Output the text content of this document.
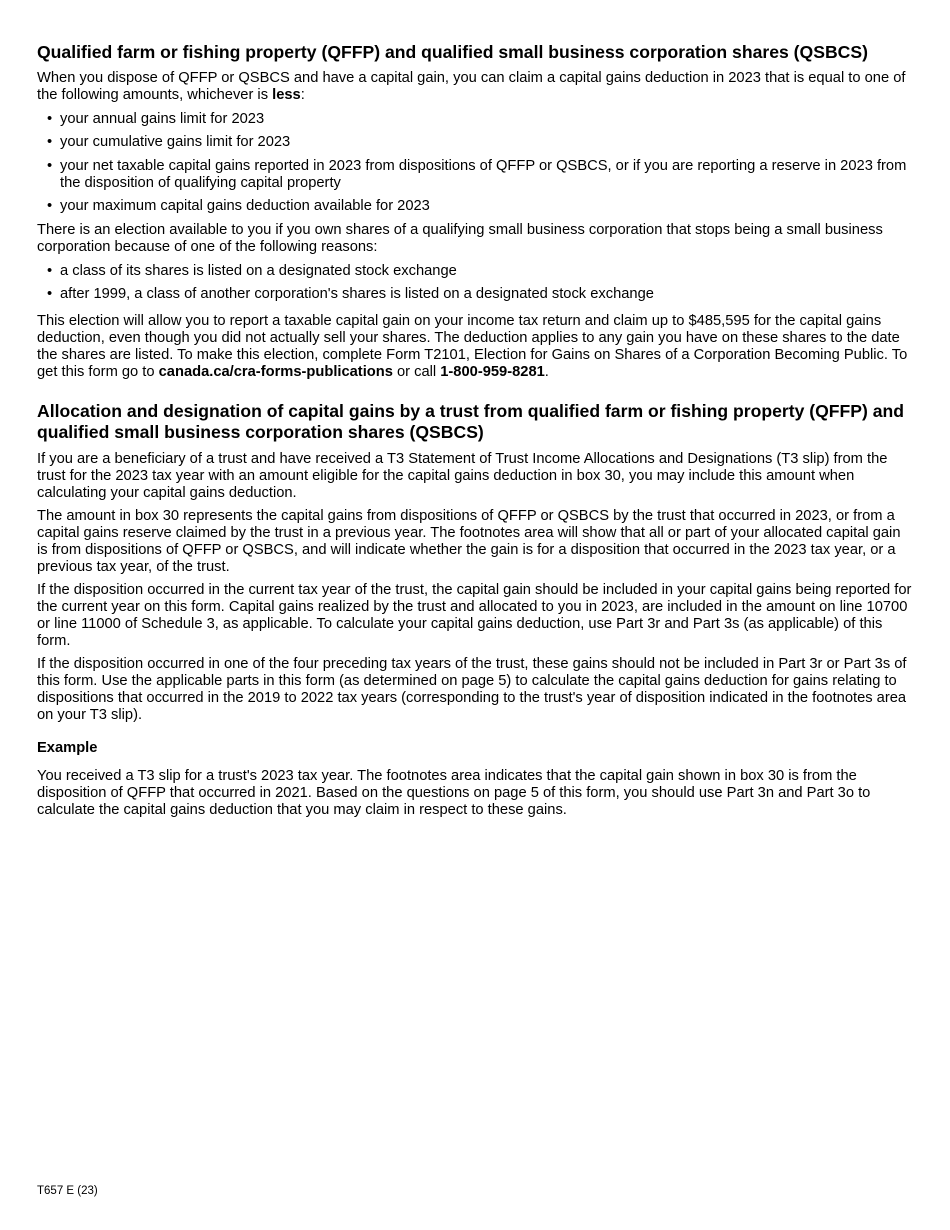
Qualified farm or fishing property (QFFP) and qualified small business corporation shares (QSBCS)

When you dispose of QFFP or QSBCS and have a capital gain, you can claim a capital gains deduction in 2023 that is equal to one of the following amounts, whichever is less:

• your annual gains limit for 2023
• your cumulative gains limit for 2023
• your net taxable capital gains reported in 2023 from dispositions of QFFP or QSBCS, or if you are reporting a reserve in 2023 from the disposition of qualifying capital property
• your maximum capital gains deduction available for 2023

There is an election available to you if you own shares of a qualifying small business corporation that stops being a small business corporation because of one of the following reasons:

• a class of its shares is listed on a designated stock exchange
• after 1999, a class of another corporation's shares is listed on a designated stock exchange

This election will allow you to report a taxable capital gain on your income tax return and claim up to $485,595 for the capital gains deduction, even though you did not actually sell your shares. The deduction applies to any gain you have on these shares to the date the shares are listed. To make this election, complete Form T2101, Election for Gains on Shares of a Corporation Becoming Public. To get this form go to canada.ca/cra-forms-publications or call 1-800-959-8281.

Allocation and designation of capital gains by a trust from qualified farm or fishing property (QFFP) and qualified small business corporation shares (QSBCS)

If you are a beneficiary of a trust and have received a T3 Statement of Trust Income Allocations and Designations (T3 slip) from the trust for the 2023 tax year with an amount eligible for the capital gains deduction in box 30, you may include this amount when calculating your capital gains deduction.

The amount in box 30 represents the capital gains from dispositions of QFFP or QSBCS by the trust that occurred in 2023, or from a capital gains reserve claimed by the trust in a previous year. The footnotes area will show that all or part of your allocated capital gain is from dispositions of QFFP or QSBCS, and will indicate whether the gain is for a disposition that occurred in the 2023 tax year, or a previous tax year, of the trust.

If the disposition occurred in the current tax year of the trust, the capital gain should be included in your capital gains being reported for the current year on this form. Capital gains realized by the trust and allocated to you in 2023, are included in the amount on line 10700 or line 11000 of Schedule 3, as applicable. To calculate your capital gains deduction, use Part 3r and Part 3s (as applicable) of this form.

If the disposition occurred in one of the four preceding tax years of the trust, these gains should not be included in Part 3r or Part 3s of this form. Use the applicable parts in this form (as determined on page 5) to calculate the capital gains deduction for gains relating to dispositions that occurred in the 2019 to 2022 tax years (corresponding to the trust's year of disposition indicated in the footnotes area on your T3 slip).

Example

You received a T3 slip for a trust's 2023 tax year. The footnotes area indicates that the capital gain shown in box 30 is from the disposition of QFFP that occurred in 2021. Based on the questions on page 5 of this form, you should use Part 3n and Part 3o to calculate the capital gains deduction that you may claim in respect to these gains.

T657 E (23)
